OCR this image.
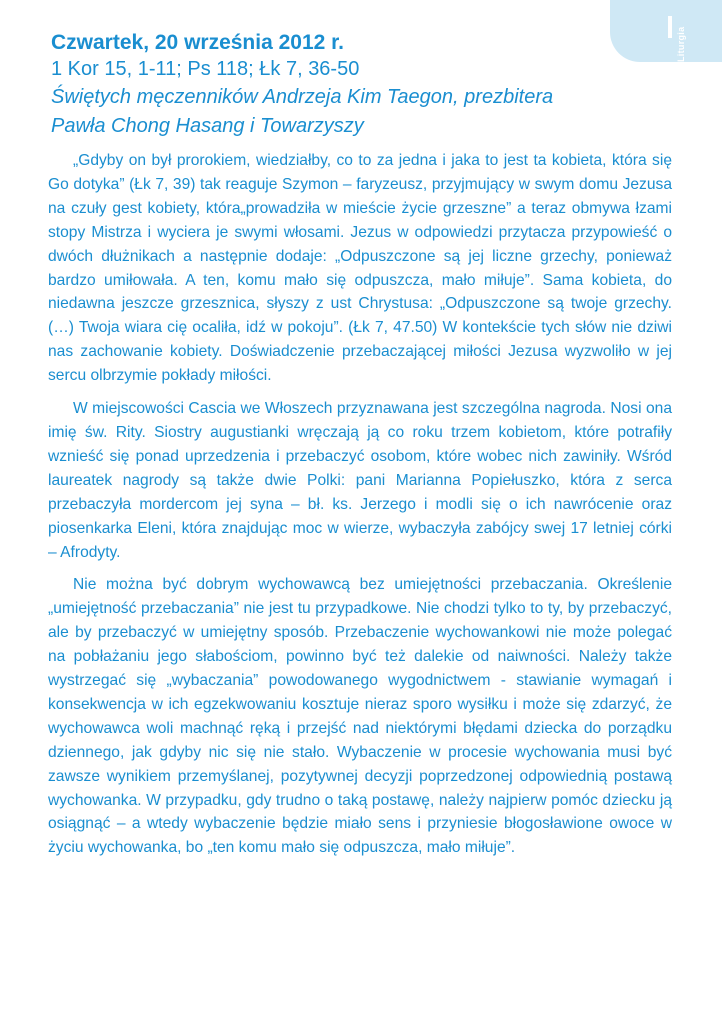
Liturgia

Czwartek, 20 września 2012 r.

1 Kor 15, 1-11; Ps 118; Łk 7, 36-50

Świętych męczenników Andrzeja Kim Taegon, prezbitera

Pawła Chong Hasang i Towarzyszy

„Gdyby on był prorokiem, wiedziałby, co to za jedna i jaka to jest ta kobieta, która się Go dotyka” (Łk 7, 39) tak reaguje Szymon – faryzeusz, przyjmujący w swym domu Jezusa na czuły gest kobiety, która„prowadziła w mieście życie grzeszne” a teraz obmywa łzami stopy Mistrza i wyciera je swymi włosami. Jezus w odpowiedzi przytacza przypowieść o dwóch dłużnikach a następnie dodaje: „Odpuszczone są jej liczne grzechy, ponieważ bardzo umiłowała. A ten, komu mało się odpuszcza, mało miłuje”. Sama kobieta, do niedawna jeszcze grzesznica, słyszy z ust Chrystusa: „Odpuszczone są twoje grzechy. (…) Twoja wiara cię ocaliła, idź w pokoju”. (Łk 7, 47.50) W kontekście tych słów nie dziwi nas zachowanie kobiety. Doświadczenie przebaczającej miłości Jezusa wyzwoliło w jej sercu olbrzymie pokłady miłości.

W miejscowości Cascia we Włoszech przyznawana jest szczególna nagroda. Nosi ona imię św. Rity. Siostry augustianki wręczają ją co roku trzem kobietom, które potrafiły wznieść się ponad uprzedzenia i przebaczyć osobom, które wobec nich zawiniły. Wśród laureatek nagrody są także dwie Polki: pani Marianna Popiełuszko, która z serca przebaczyła mordercom jej syna – bł. ks. Jerzego i modli się o ich nawrócenie oraz piosenkarka Eleni, która znajdując moc w wierze, wybaczyła zabójcy swej 17 letniej córki – Afrodyty.

Nie można być dobrym wychowawcą bez umiejętności przebaczania. Określenie „umiejętność przebaczania” nie jest tu przypadkowe. Nie chodzi tylko to ty, by przebaczyć, ale by przebaczyć w umiejętny sposób. Przebaczenie wychowankowi nie może polegać na pobłażaniu jego słabościom, powinno być też dalekie od naiwności. Należy także wystrzegać się „wybaczania” powodowanego wygodnictwem - stawianie wymagań i konsekwencja w ich egzekwowaniu kosztuje nieraz sporo wysiłku i może się zdarzyć, że wychowawca woli machnąć ręką i przejść nad niektórymi błędami dziecka do porządku dziennego, jak gdyby nic się nie stało. Wybaczenie w procesie wychowania musi być zawsze wynikiem przemyślanej, pozytywnej decyzji poprzedzonej odpowiednią postawą wychowanka. W przypadku, gdy trudno o taką postawę, należy najpierw pomóc dziecku ją osiągnąć – a wtedy wybaczenie będzie miało sens i przyniesie błogosławione owoce w życiu wychowanka, bo „ten komu mało się odpuszcza, mało miłuje”.
